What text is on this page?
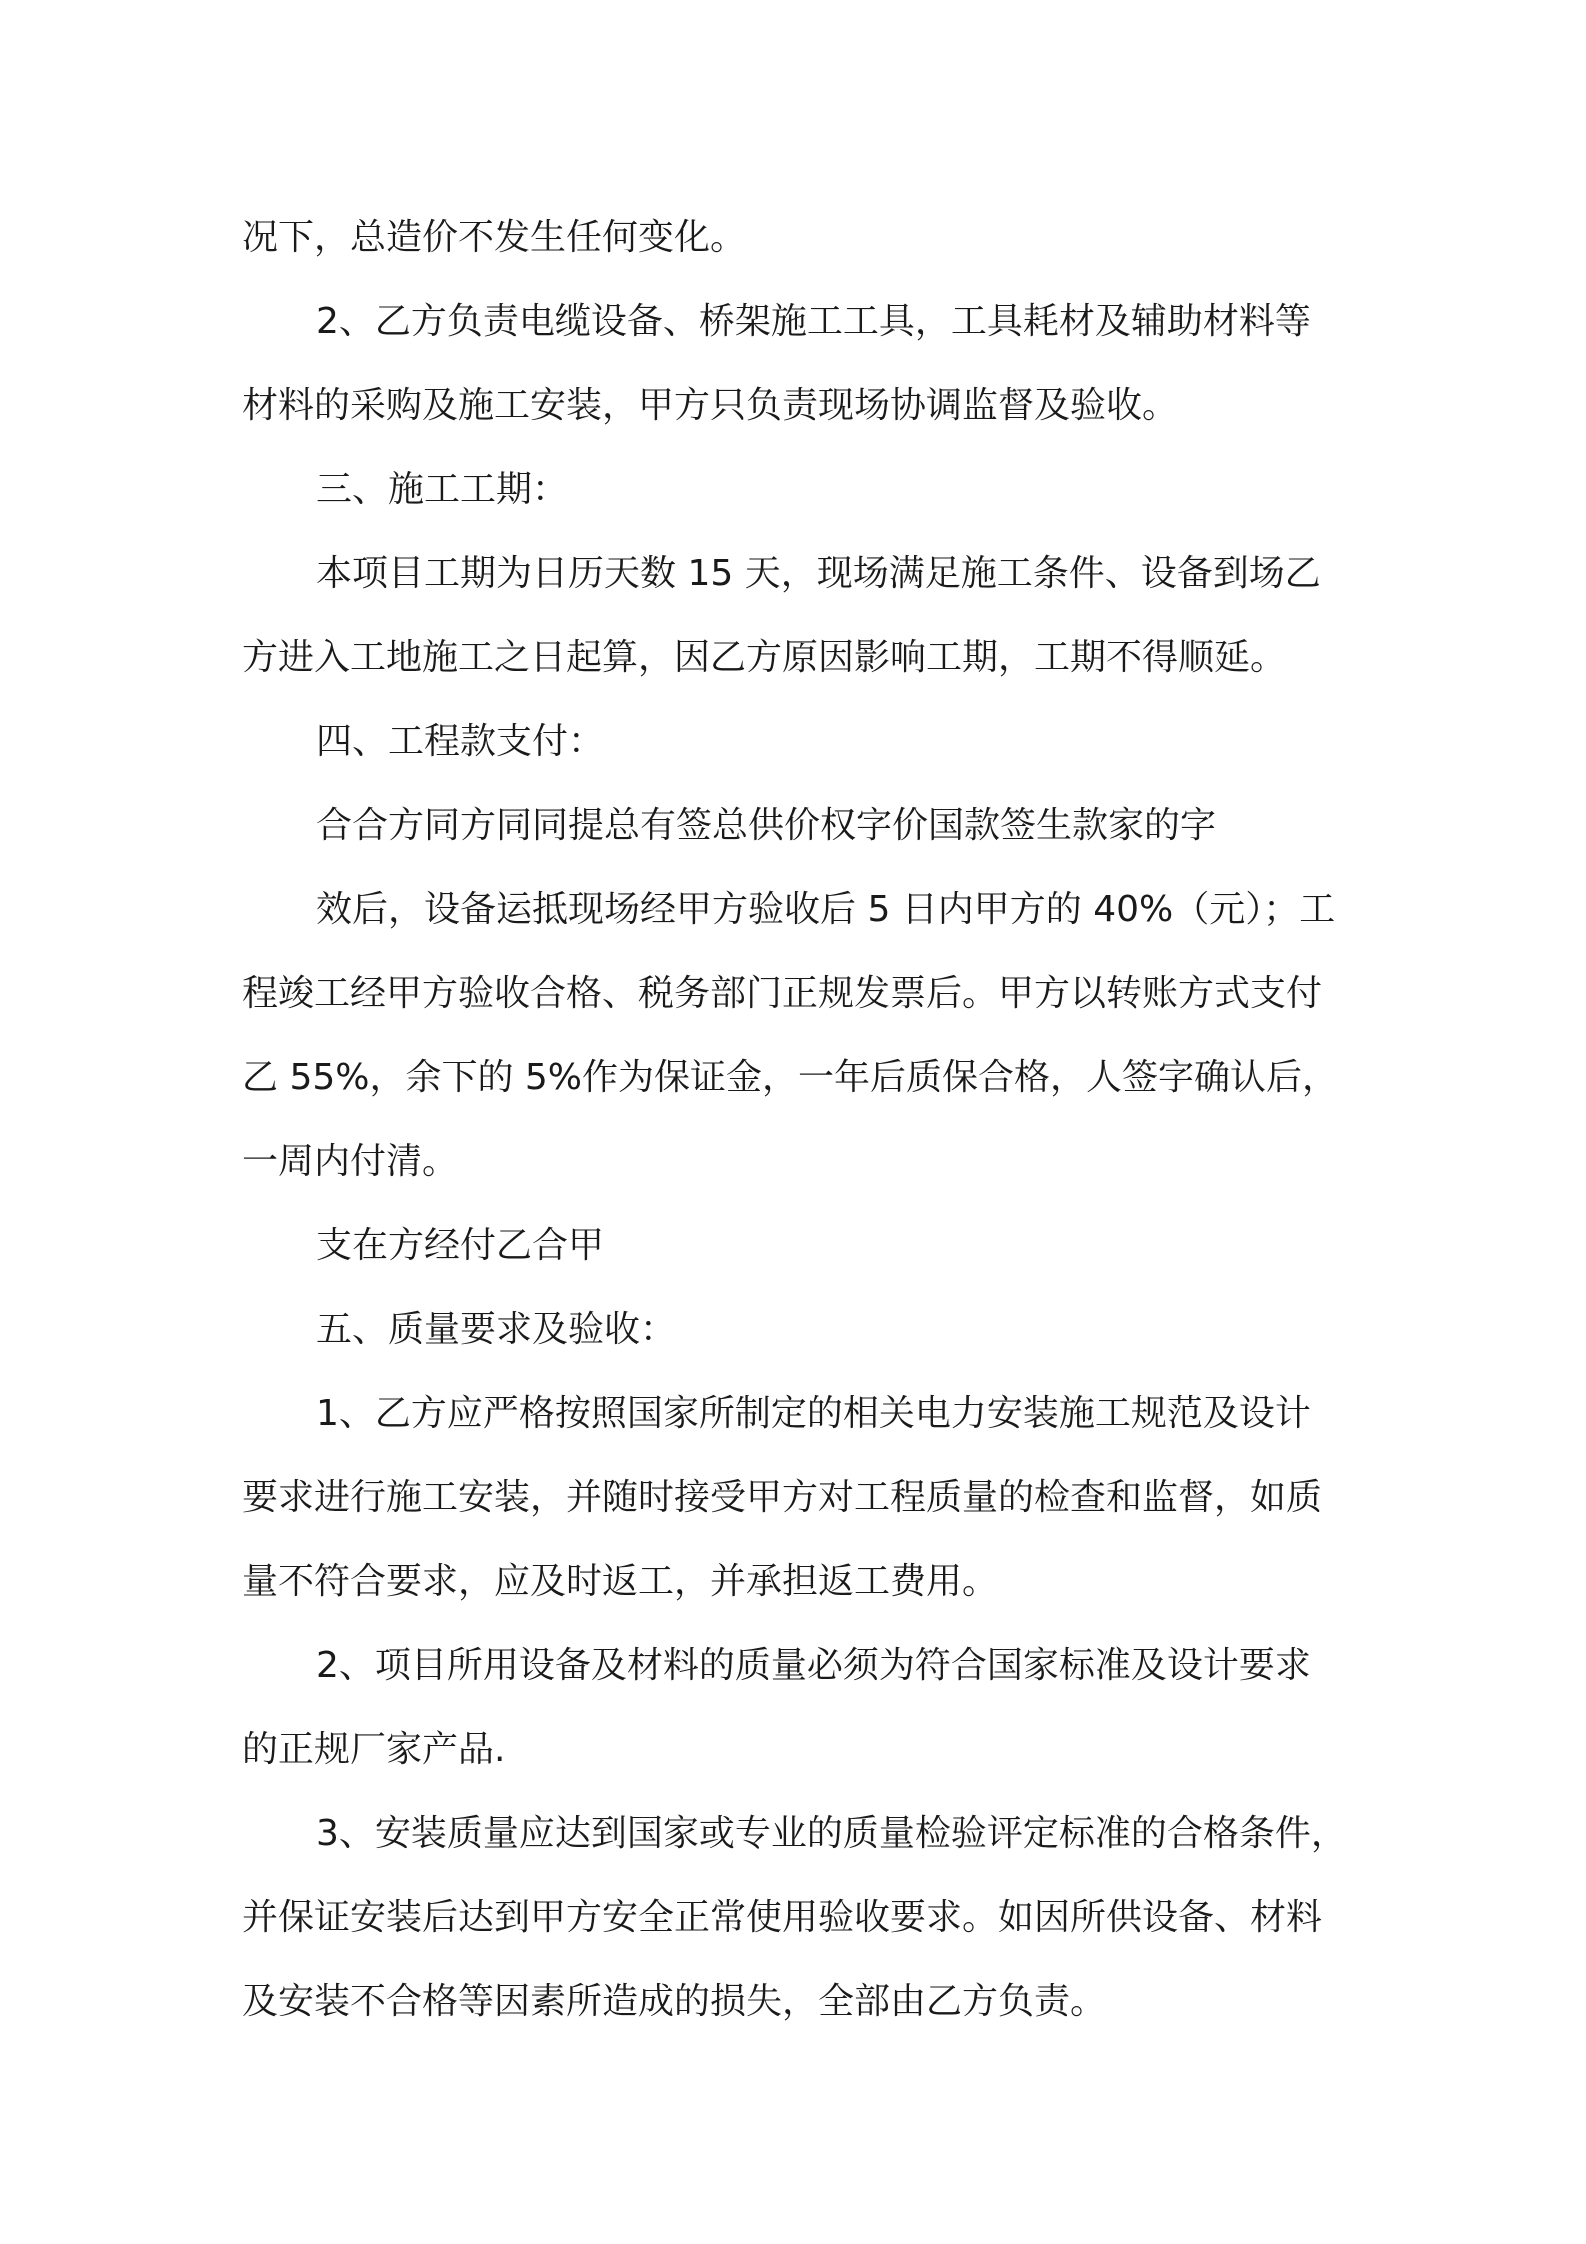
况下，总造价不发生任何变化。
2、乙方负责电缆设备、桥架施工工具，工具耗材及辅助材料等
材料的采购及施工安装，甲方只负责现场协调监督及验收。
三、施工工期：
本项目工期为日历天数 15 天，现场满足施工条件、设备到场乙
方进入工地施工之日起算，因乙方原因影响工期，工期不得顺延。
四、工程款支付：
合合方同方同同提总有签总供价权字价国款签生款家的字
效后，设备运抵现场经甲方验收后 5 日内甲方的 40%（元）；工
程竣工经甲方验收合格、税务部门正规发票后。甲方以转账方式支付
乙 55%，余下的 5%作为保证金，一年后质保合格，人签字确认后，
一周内付清。
支在方经付乙合甲
五、质量要求及验收：
1、乙方应严格按照国家所制定的相关电力安装施工规范及设计
要求进行施工安装，并随时接受甲方对工程质量的检查和监督，如质
量不符合要求，应及时返工，并承担返工费用。
2、项目所用设备及材料的质量必须为符合国家标准及设计要求
的正规厂家产品.
3、安装质量应达到国家或专业的质量检验评定标准的合格条件，
并保证安装后达到甲方安全正常使用验收要求。如因所供设备、材料
及安装不合格等因素所造成的损失，全部由乙方负责。
